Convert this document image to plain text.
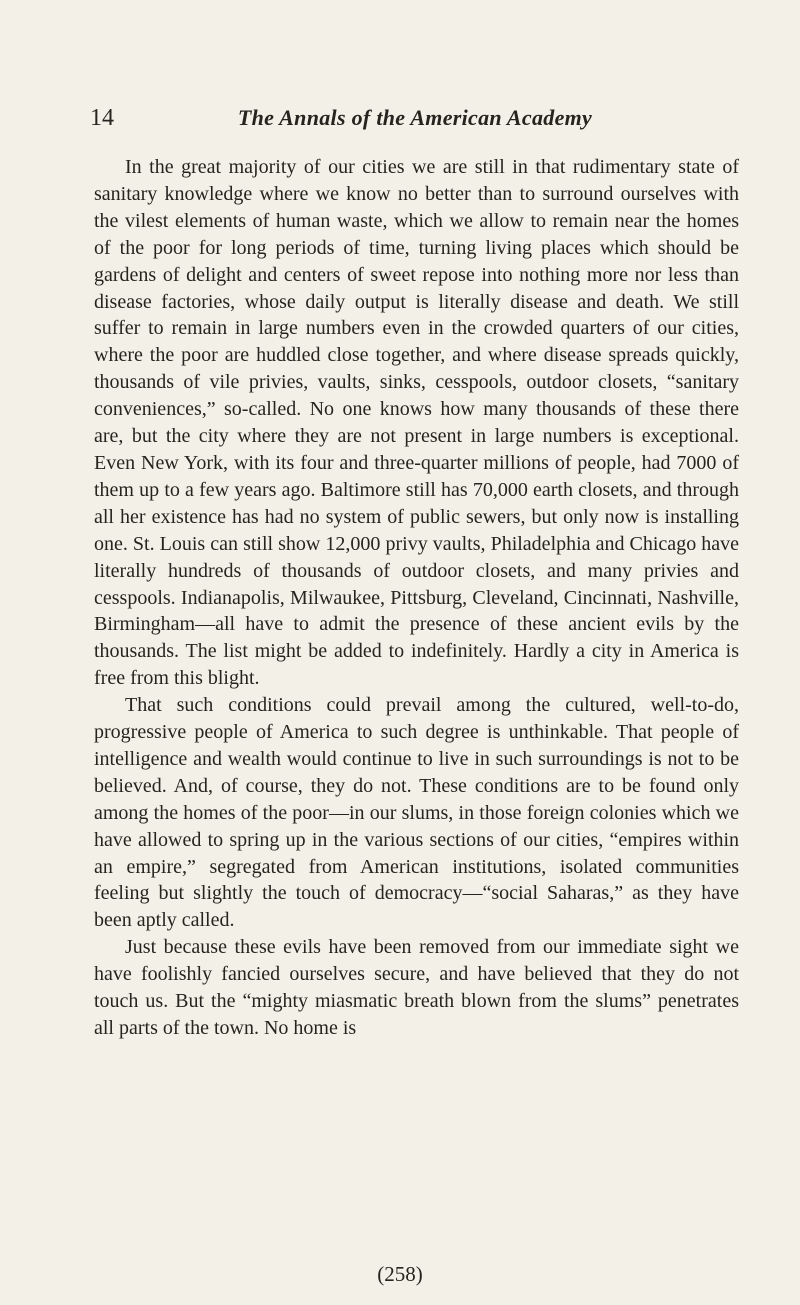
14	The Annals of the American Academy

In the great majority of our cities we are still in that rudimentary state of sanitary knowledge where we know no better than to surround ourselves with the vilest elements of human waste, which we allow to remain near the homes of the poor for long periods of time, turning living places which should be gardens of delight and centers of sweet repose into nothing more nor less than disease factories, whose daily output is literally disease and death. We still suffer to remain in large numbers even in the crowded quarters of our cities, where the poor are huddled close together, and where disease spreads quickly, thousands of vile privies, vaults, sinks, cesspools, outdoor closets, “sanitary conveniences,” so-called. No one knows how many thousands of these there are, but the city where they are not present in large numbers is exceptional. Even New York, with its four and three-quarter millions of people, had 7000 of them up to a few years ago. Baltimore still has 70,000 earth closets, and through all her existence has had no system of public sewers, but only now is installing one. St. Louis can still show 12,000 privy vaults, Philadelphia and Chicago have literally hundreds of thousands of outdoor closets, and many privies and cesspools. Indianapolis, Milwaukee, Pittsburg, Cleveland, Cincinnati, Nashville, Birmingham—all have to admit the presence of these ancient evils by the thousands. The list might be added to indefinitely. Hardly a city in America is free from this blight.

That such conditions could prevail among the cultured, well-to-do, progressive people of America to such degree is unthinkable. That people of intelligence and wealth would continue to live in such surroundings is not to be believed. And, of course, they do not. These conditions are to be found only among the homes of the poor—in our slums, in those foreign colonies which we have allowed to spring up in the various sections of our cities, “empires within an empire,” segregated from American institutions, isolated communities feeling but slightly the touch of democracy—“social Saharas,” as they have been aptly called.

Just because these evils have been removed from our immediate sight we have foolishly fancied ourselves secure, and have believed that they do not touch us. But the “mighty miasmatic breath blown from the slums” penetrates all parts of the town. No home is

(258)
